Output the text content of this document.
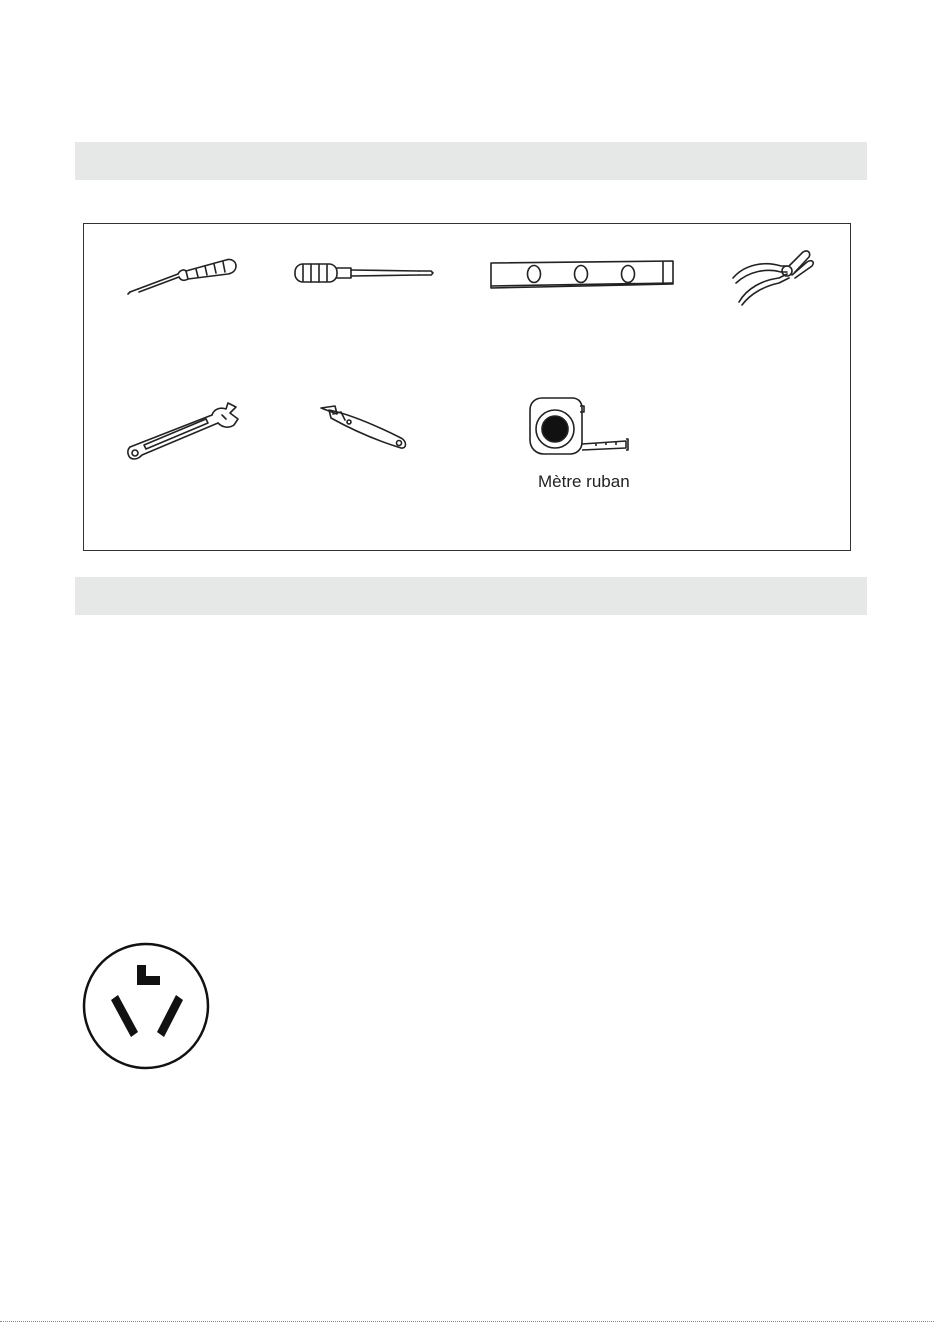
Mètre ruban
